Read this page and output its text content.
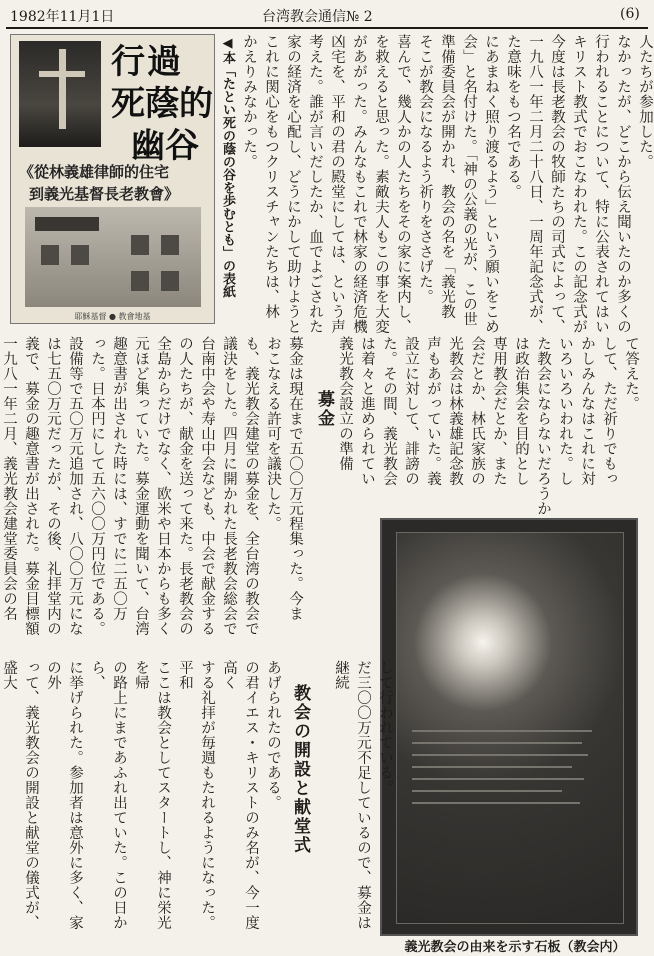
1982年11月1日	台湾教会通信№ 2	(6)
行過
死蔭的
幽谷
《從林義雄律師的住宅
到義光基督長老教會》
耶穌基督 ● 教會地基
◀本「たとい死の蔭の谷を歩むとも」の表紙	人たちが参加した。
なかったが、どこから伝え聞いたのか多くの
行われることについて、特に公表されてはい
キリスト教式でおこなわれた。この記念式が
今度は長老教会の牧師たちの司式によって、
一九八一年二月二十八日、一周年記念式が、
た意味をもつ名である。
にあまねく照り渡るよう」という願いをこめ
会」と名付けた。「神の公義の光が、この世
準備委員会が開かれ、教会の名を「義光教
そこが教会になるよう祈りをささげた。
喜んで、幾人かの人たちをその家に案内し、
を救えると思った。素敵夫人もこの事を大変
があがった。みんなもこれで林家の経済危機
凶宅を、平和の君の殿堂にしては、という声
考えた。誰が言いだしたか、血でよごされた
家の経済を心配し、どうにかして助けようと
これに関心をもつクリスチャンたちは、林
かえりみなかった。
て答えた。
して、ただ祈りでもっ
かしみんなはこれに対
いろいろいわれた。し
た教会にならないだろうか
は政治集会を目的とし
専用教会だとか、また
会だとか、林氏家族の
光教会は林義雄記念教
声もあがっていた。義
設立に対して、誹謗の
た。その間、義光教会
は着々と進められてい
義光教会設立の準備
募金
募金は現在まで五〇〇万元程集った。今ま
おこなえる許可を議決した。
も、義光教会建堂の募金を、全台湾の教会で
議決をした。四月に開かれた長老教会総会で
台南中会や寿山中会なども、中会で献金する
の人たちが、献金を送って来た。長老教会の
全島からだけでなく、欧米や日本からも多く
元ほど集っていた。募金運動を聞いて、台湾
趣意書が出された時には、すでに二五〇万
った。日本円にして五六〇〇万円位である。
設備等で五〇万元追加され、八〇〇万元にな
は七五〇万元だったが、その後、礼拝堂内の
義で、募金の趣意書が出された。募金目標額
一九八一年二月、義光教会建堂委員会の名
義光教会の由来を示す石板（教会内）
して行われている。
だ三〇〇万元不足しているので、募金は継続
教会の開設と献堂式
あげられたのである。
の君イエス・キリストのみ名が、今一度高く
する礼拝が毎週もたれるようになった。平和
ここは教会としてスタートし、神に栄光を帰
の路上にまであふれ出ていた。この日から、
に挙げられた。参加者は意外に多く、家の外
って、義光教会の開設と献堂の儀式が、盛大
